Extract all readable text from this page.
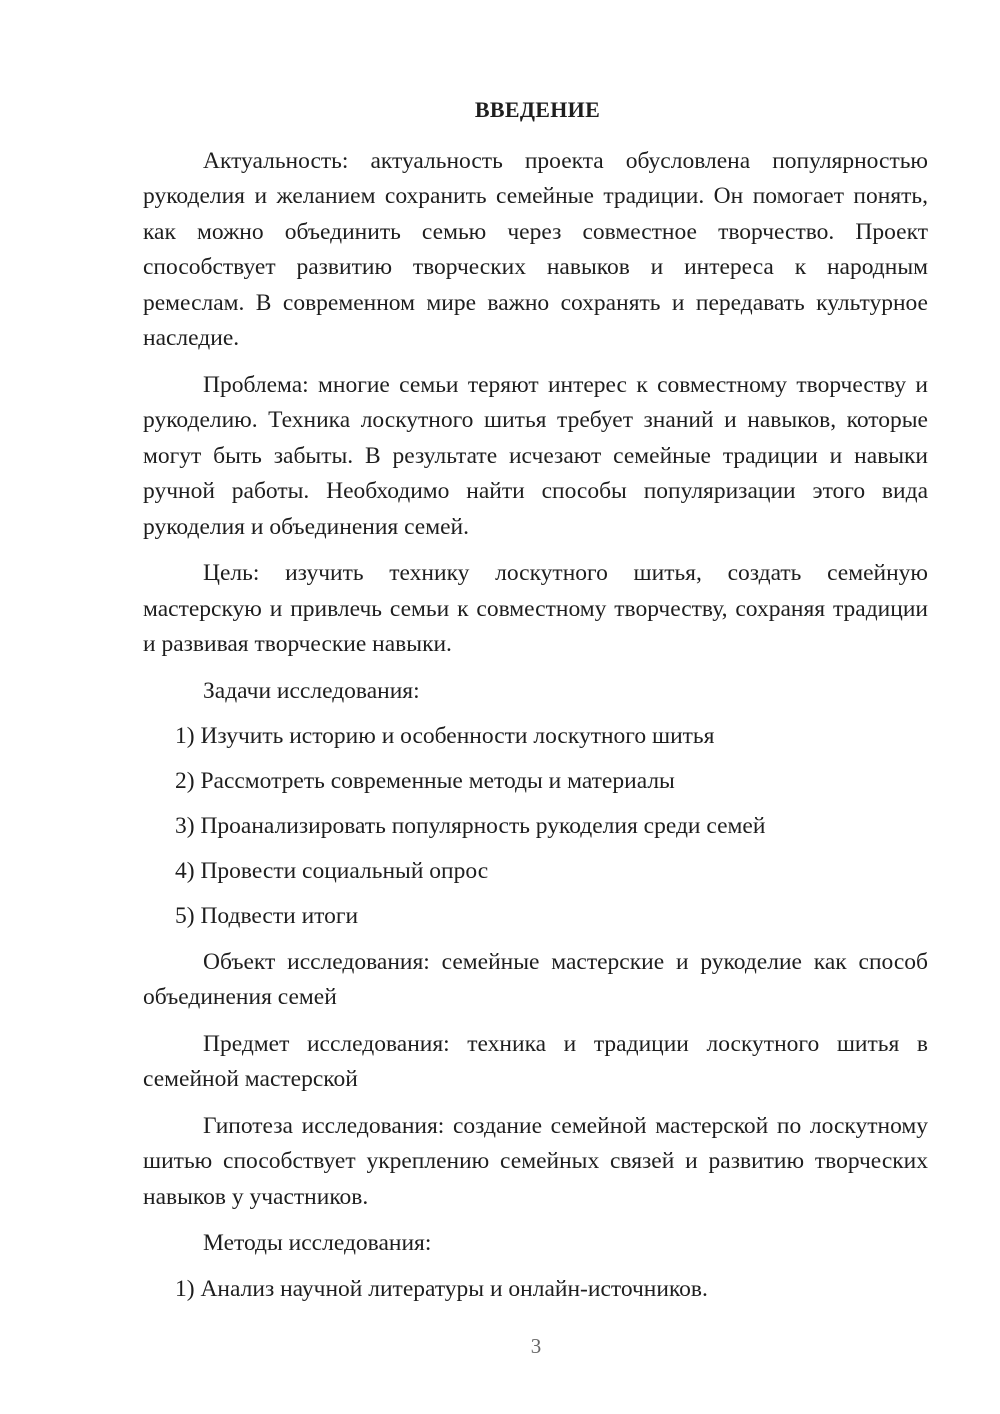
ВВЕДЕНИЕ

Актуальность: актуальность проекта обусловлена популярностью рукоделия и желанием сохранить семейные традиции. Он помогает понять, как можно объединить семью через совместное творчество. Проект способствует развитию творческих навыков и интереса к народным ремеслам. В современном мире важно сохранять и передавать культурное наследие.

Проблема: многие семьи теряют интерес к совместному творчеству и рукоделию. Техника лоскутного шитья требует знаний и навыков, которые могут быть забыты. В результате исчезают семейные традиции и навыки ручной работы. Необходимо найти способы популяризации этого вида рукоделия и объединения семей.

Цель: изучить технику лоскутного шитья, создать семейную мастерскую и привлечь семьи к совместному творчеству, сохраняя традиции и развивая творческие навыки.

Задачи исследования:
1) Изучить историю и особенности лоскутного шитья
2) Рассмотреть современные методы и материалы
3) Проанализировать популярность рукоделия среди семей
4) Провести социальный опрос
5) Подвести итоги

Объект исследования: семейные мастерские и рукоделие как способ объединения семей

Предмет исследования: техника и традиции лоскутного шитья в семейной мастерской

Гипотеза исследования: создание семейной мастерской по лоскутному шитью способствует укреплению семейных связей и развитию творческих навыков у участников.

Методы исследования:
1) Анализ научной литературы и онлайн-источников.
3
